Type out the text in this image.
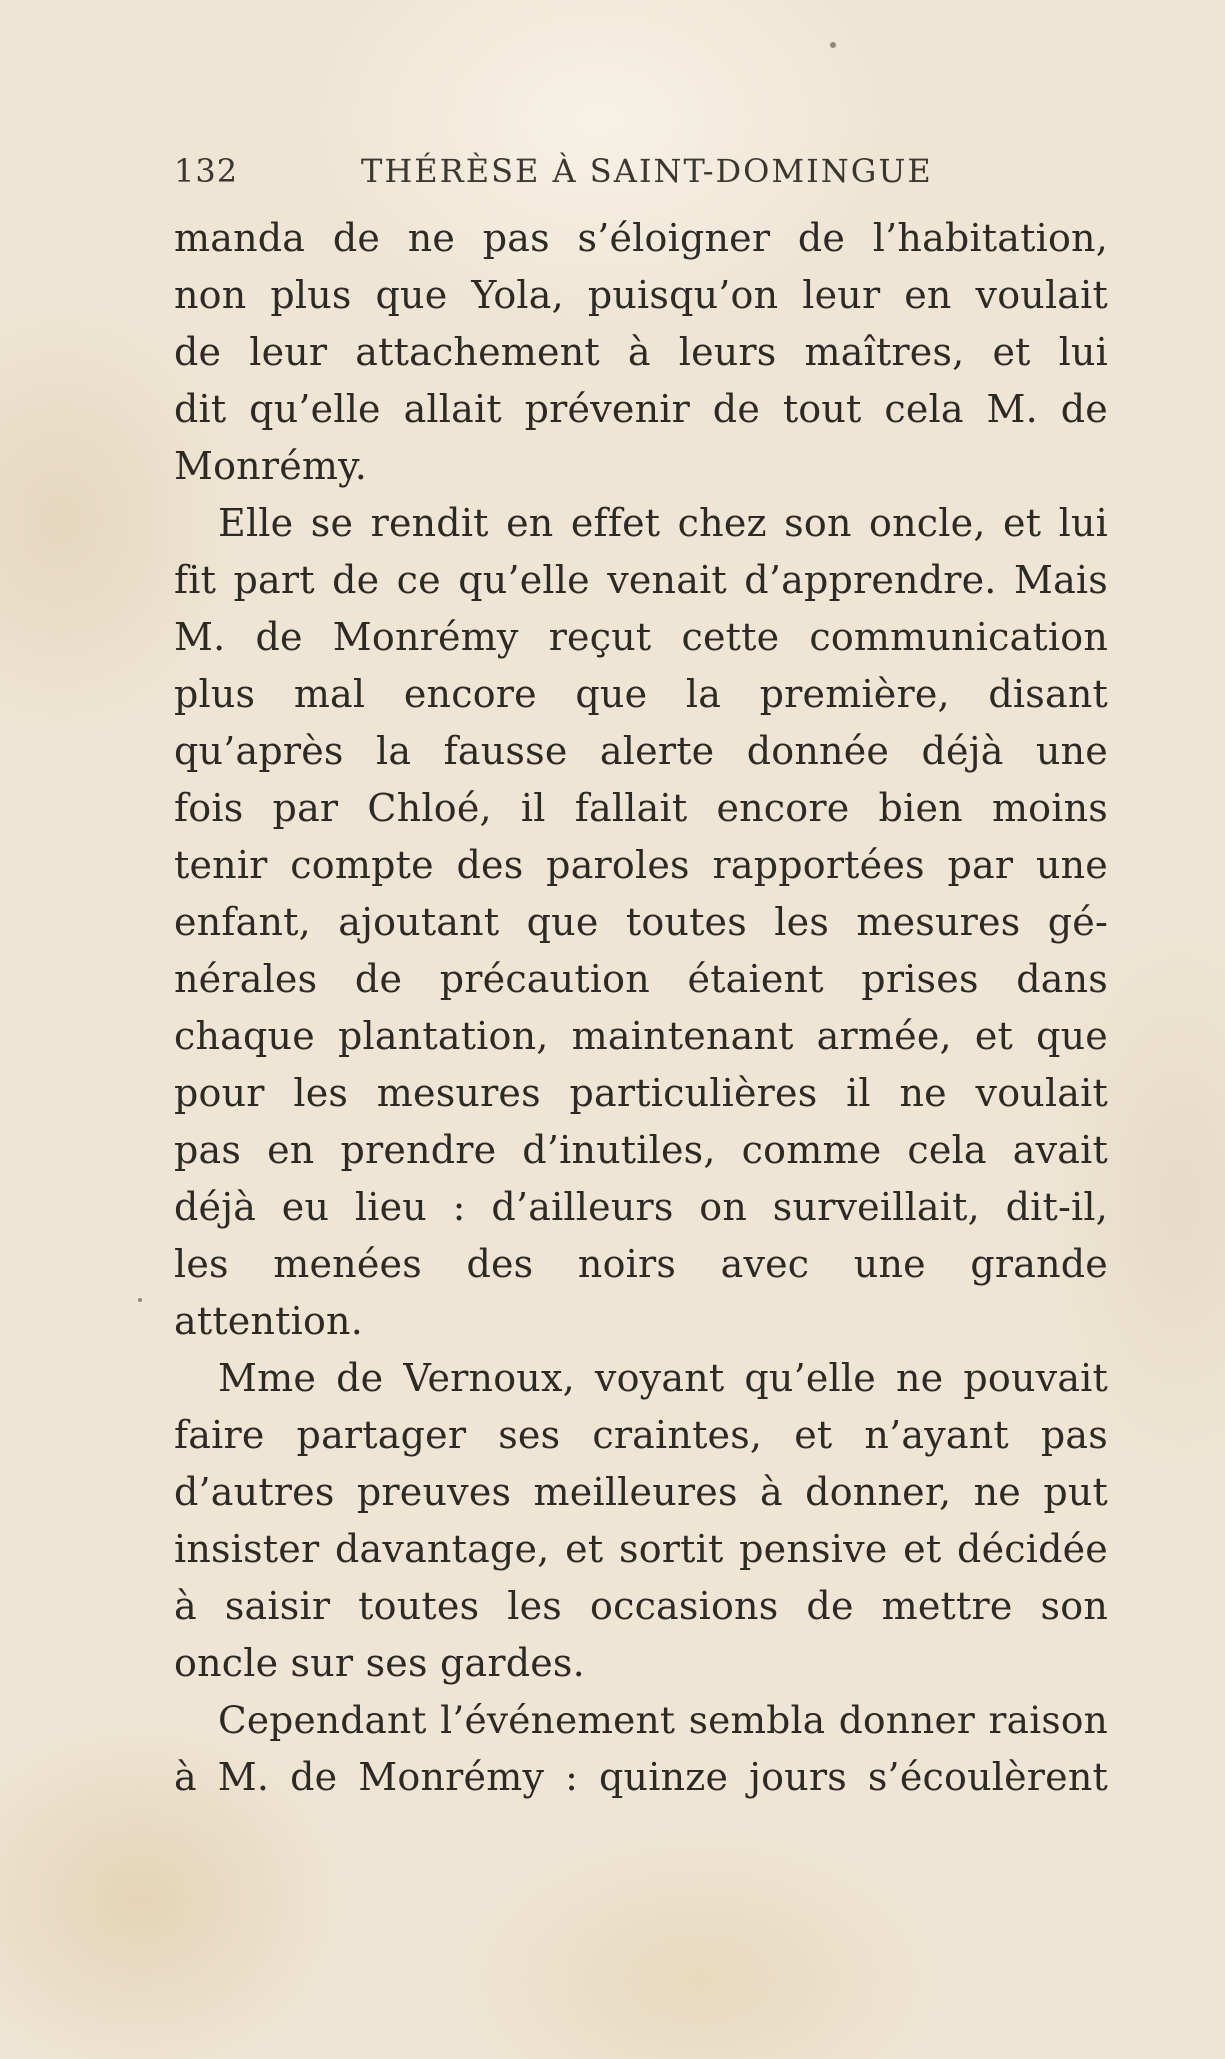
132	THÉRÈSE À SAINT-DOMINGUE
manda de ne pas s’éloigner de l’habitation,
non plus que Yola, puisqu’on leur en voulait
de leur attachement à leurs maîtres, et lui
dit qu’elle allait prévenir de tout cela M. de
Monrémy.
Elle se rendit en effet chez son oncle, et lui
fit part de ce qu’elle venait d’apprendre. Mais
M. de Monrémy reçut cette communication
plus mal encore que la première, disant
qu’après la fausse alerte donnée déjà une
fois par Chloé, il fallait encore bien moins
tenir compte des paroles rapportées par une
enfant, ajoutant que toutes les mesures gé-
nérales de précaution étaient prises dans
chaque plantation, maintenant armée, et que
pour les mesures particulières il ne voulait
pas en prendre d’inutiles, comme cela avait
déjà eu lieu : d’ailleurs on surveillait, dit-il,
les menées des noirs avec une grande
attention.
Mme de Vernoux, voyant qu’elle ne pouvait
faire partager ses craintes, et n’ayant pas
d’autres preuves meilleures à donner, ne put
insister davantage, et sortit pensive et décidée
à saisir toutes les occasions de mettre son
oncle sur ses gardes.
Cependant l’événement sembla donner raison
à M. de Monrémy : quinze jours s’écoulèrent
